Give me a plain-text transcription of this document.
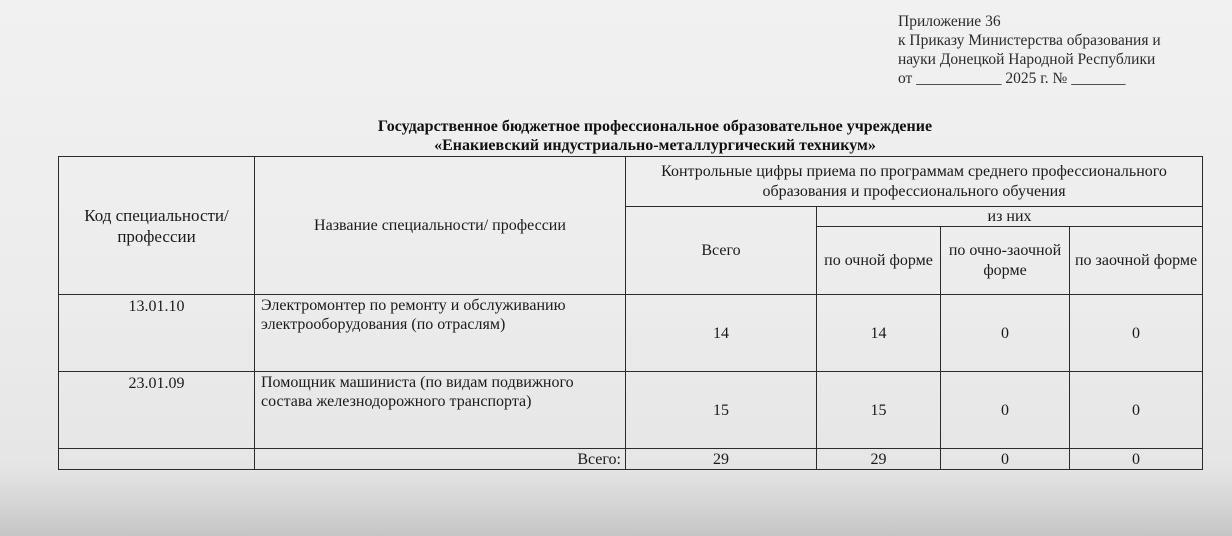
Приложение 36
к Приказу Министерства образования и
науки Донецкой Народной Республики
от ___________ 2025 г. № _______
Государственное бюджетное профессиональное образовательное учреждение
«Енакиевский индустриально-металлургический техникум»
Код специальности/ профессии	Название специальности/ профессии	Контрольные цифры приема по программам среднего профессионального образования и профессионального обучения			
		Всего	из них		
			по очной форме	по очно-заочной форме	по заочной форме
13.01.10	Электромонтер по ремонту и обслуживанию электрооборудования (по отраслям)	14	14	0	0
23.01.09	Помощник машиниста (по видам подвижного состава железнодорожного транспорта)	15	15	0	0
	Всего:	29	29	0	0
